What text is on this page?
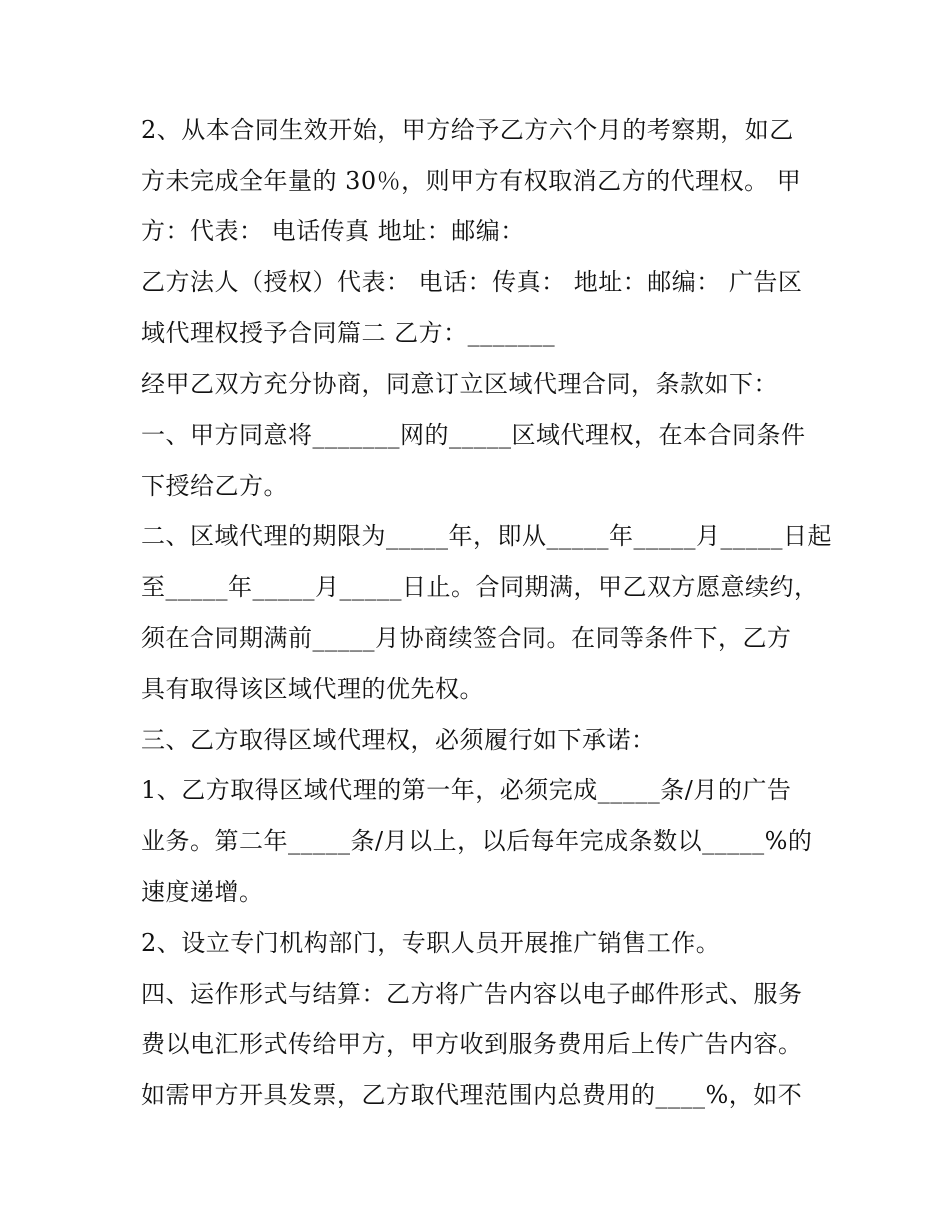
2、从本合同生效开始，甲方给予乙方六个月的考察期，如乙
方未完成全年量的 30％，则甲方有权取消乙方的代理权。 甲
方：代表： 电话传真 地址：邮编：
乙方法人（授权）代表： 电话：传真： 地址：邮编： 广告区
域代理权授予合同篇二 乙方：_______
经甲乙双方充分协商，同意订立区域代理合同，条款如下：
一、甲方同意将_______网的_____区域代理权，在本合同条件
下授给乙方。
二、区域代理的期限为_____年，即从_____年_____月_____日起
至_____年_____月_____日止。合同期满，甲乙双方愿意续约，
须在合同期满前_____月协商续签合同。在同等条件下，乙方
具有取得该区域代理的优先权。
三、乙方取得区域代理权，必须履行如下承诺：
1、乙方取得区域代理的第一年，必须完成_____条/月的广告
业务。第二年_____条/月以上，以后每年完成条数以_____%的
速度递增。
2、设立专门机构部门，专职人员开展推广销售工作。
四、运作形式与结算：乙方将广告内容以电子邮件形式、服务
费以电汇形式传给甲方，甲方收到服务费用后上传广告内容。
如需甲方开具发票，乙方取代理范围内总费用的____%，如不
